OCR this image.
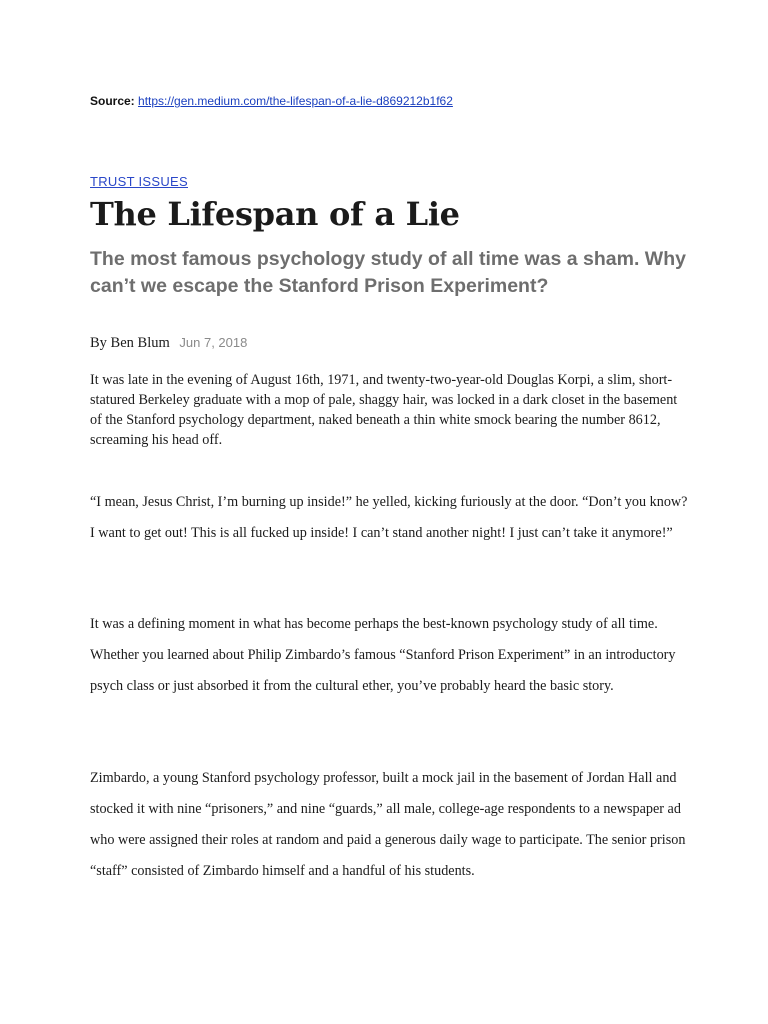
Source: https://gen.medium.com/the-lifespan-of-a-lie-d869212b1f62
TRUST ISSUES
The Lifespan of a Lie
The most famous psychology study of all time was a sham. Why can’t we escape the Stanford Prison Experiment?
By Ben Blum Jun 7, 2018

It was late in the evening of August 16th, 1971, and twenty-two-year-old Douglas Korpi, a slim, short-statured Berkeley graduate with a mop of pale, shaggy hair, was locked in a dark closet in the basement of the Stanford psychology department, naked beneath a thin white smock bearing the number 8612, screaming his head off.

“I mean, Jesus Christ, I’m burning up inside!” he yelled, kicking furiously at the door. “Don’t you know? I want to get out! This is all fucked up inside! I can’t stand another night! I just can’t take it anymore!”

It was a defining moment in what has become perhaps the best-known psychology study of all time. Whether you learned about Philip Zimbardo’s famous “Stanford Prison Experiment” in an introductory psych class or just absorbed it from the cultural ether, you’ve probably heard the basic story.

Zimbardo, a young Stanford psychology professor, built a mock jail in the basement of Jordan Hall and stocked it with nine “prisoners,” and nine “guards,” all male, college-age respondents to a newspaper ad who were assigned their roles at random and paid a generous daily wage to participate. The senior prison “staff” consisted of Zimbardo himself and a handful of his students.
